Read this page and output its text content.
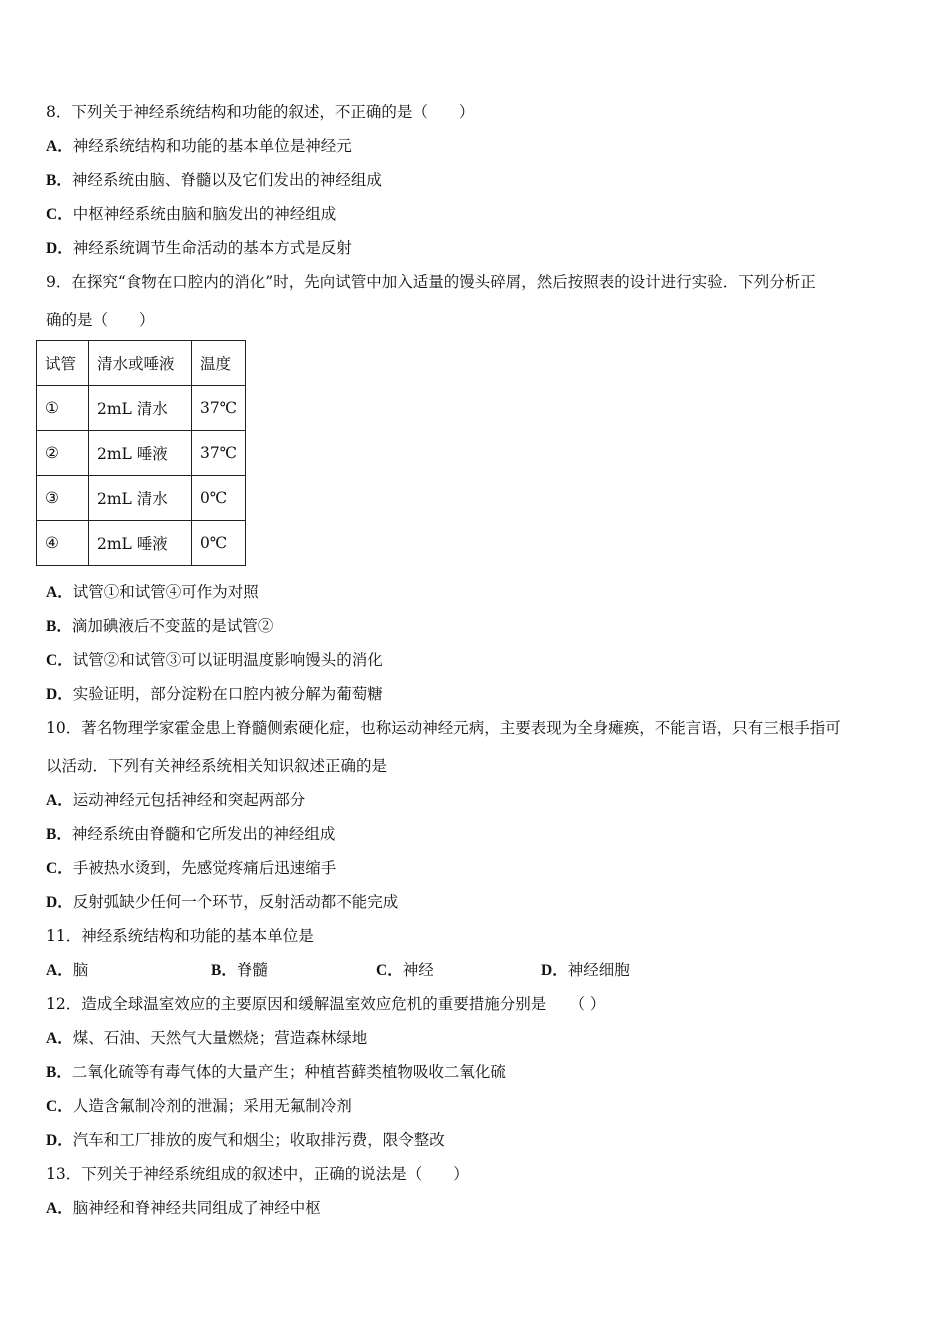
8．下列关于神经系统结构和功能的叙述，不正确的是（　　）
A．神经系统结构和功能的基本单位是神经元
B．神经系统由脑、脊髓以及它们发出的神经组成
C．中枢神经系统由脑和脑发出的神经组成
D．神经系统调节生命活动的基本方式是反射
9．在探究“食物在口腔内的消化”时，先向试管中加入适量的馒头碎屑，然后按照表的设计进行实验．下列分析正
确的是（　　）
试管	清水或唾液	温度
①	2mL 清水	37℃
②	2mL 唾液	37℃
③	2mL 清水	0℃
④	2mL 唾液	0℃
A．试管①和试管④可作为对照
B．滴加碘液后不变蓝的是试管②
C．试管②和试管③可以证明温度影响馒头的消化
D．实验证明，部分淀粉在口腔内被分解为葡萄糖
10．著名物理学家霍金患上脊髓侧索硬化症，也称运动神经元病，主要表现为全身瘫痪，不能言语，只有三根手指可
以活动．下列有关神经系统相关知识叙述正确的是
A．运动神经元包括神经和突起两部分
B．神经系统由脊髓和它所发出的神经组成
C．手被热水烫到，先感觉疼痛后迅速缩手
D．反射弧缺少任何一个环节，反射活动都不能完成
11．神经系统结构和功能的基本单位是
A．脑	B．脊髓	C．神经	D．神经细胞
12．造成全球温室效应的主要原因和缓解温室效应危机的重要措施分别是　　（ ）
A．煤、石油、天然气大量燃烧；营造森林绿地
B．二氧化硫等有毒气体的大量产生；种植苔藓类植物吸收二氧化硫
C．人造含氟制冷剂的泄漏；采用无氟制冷剂
D．汽车和工厂排放的废气和烟尘；收取排污费，限令整改
13．下列关于神经系统组成的叙述中，正确的说法是（　　）
A．脑神经和脊神经共同组成了神经中枢
